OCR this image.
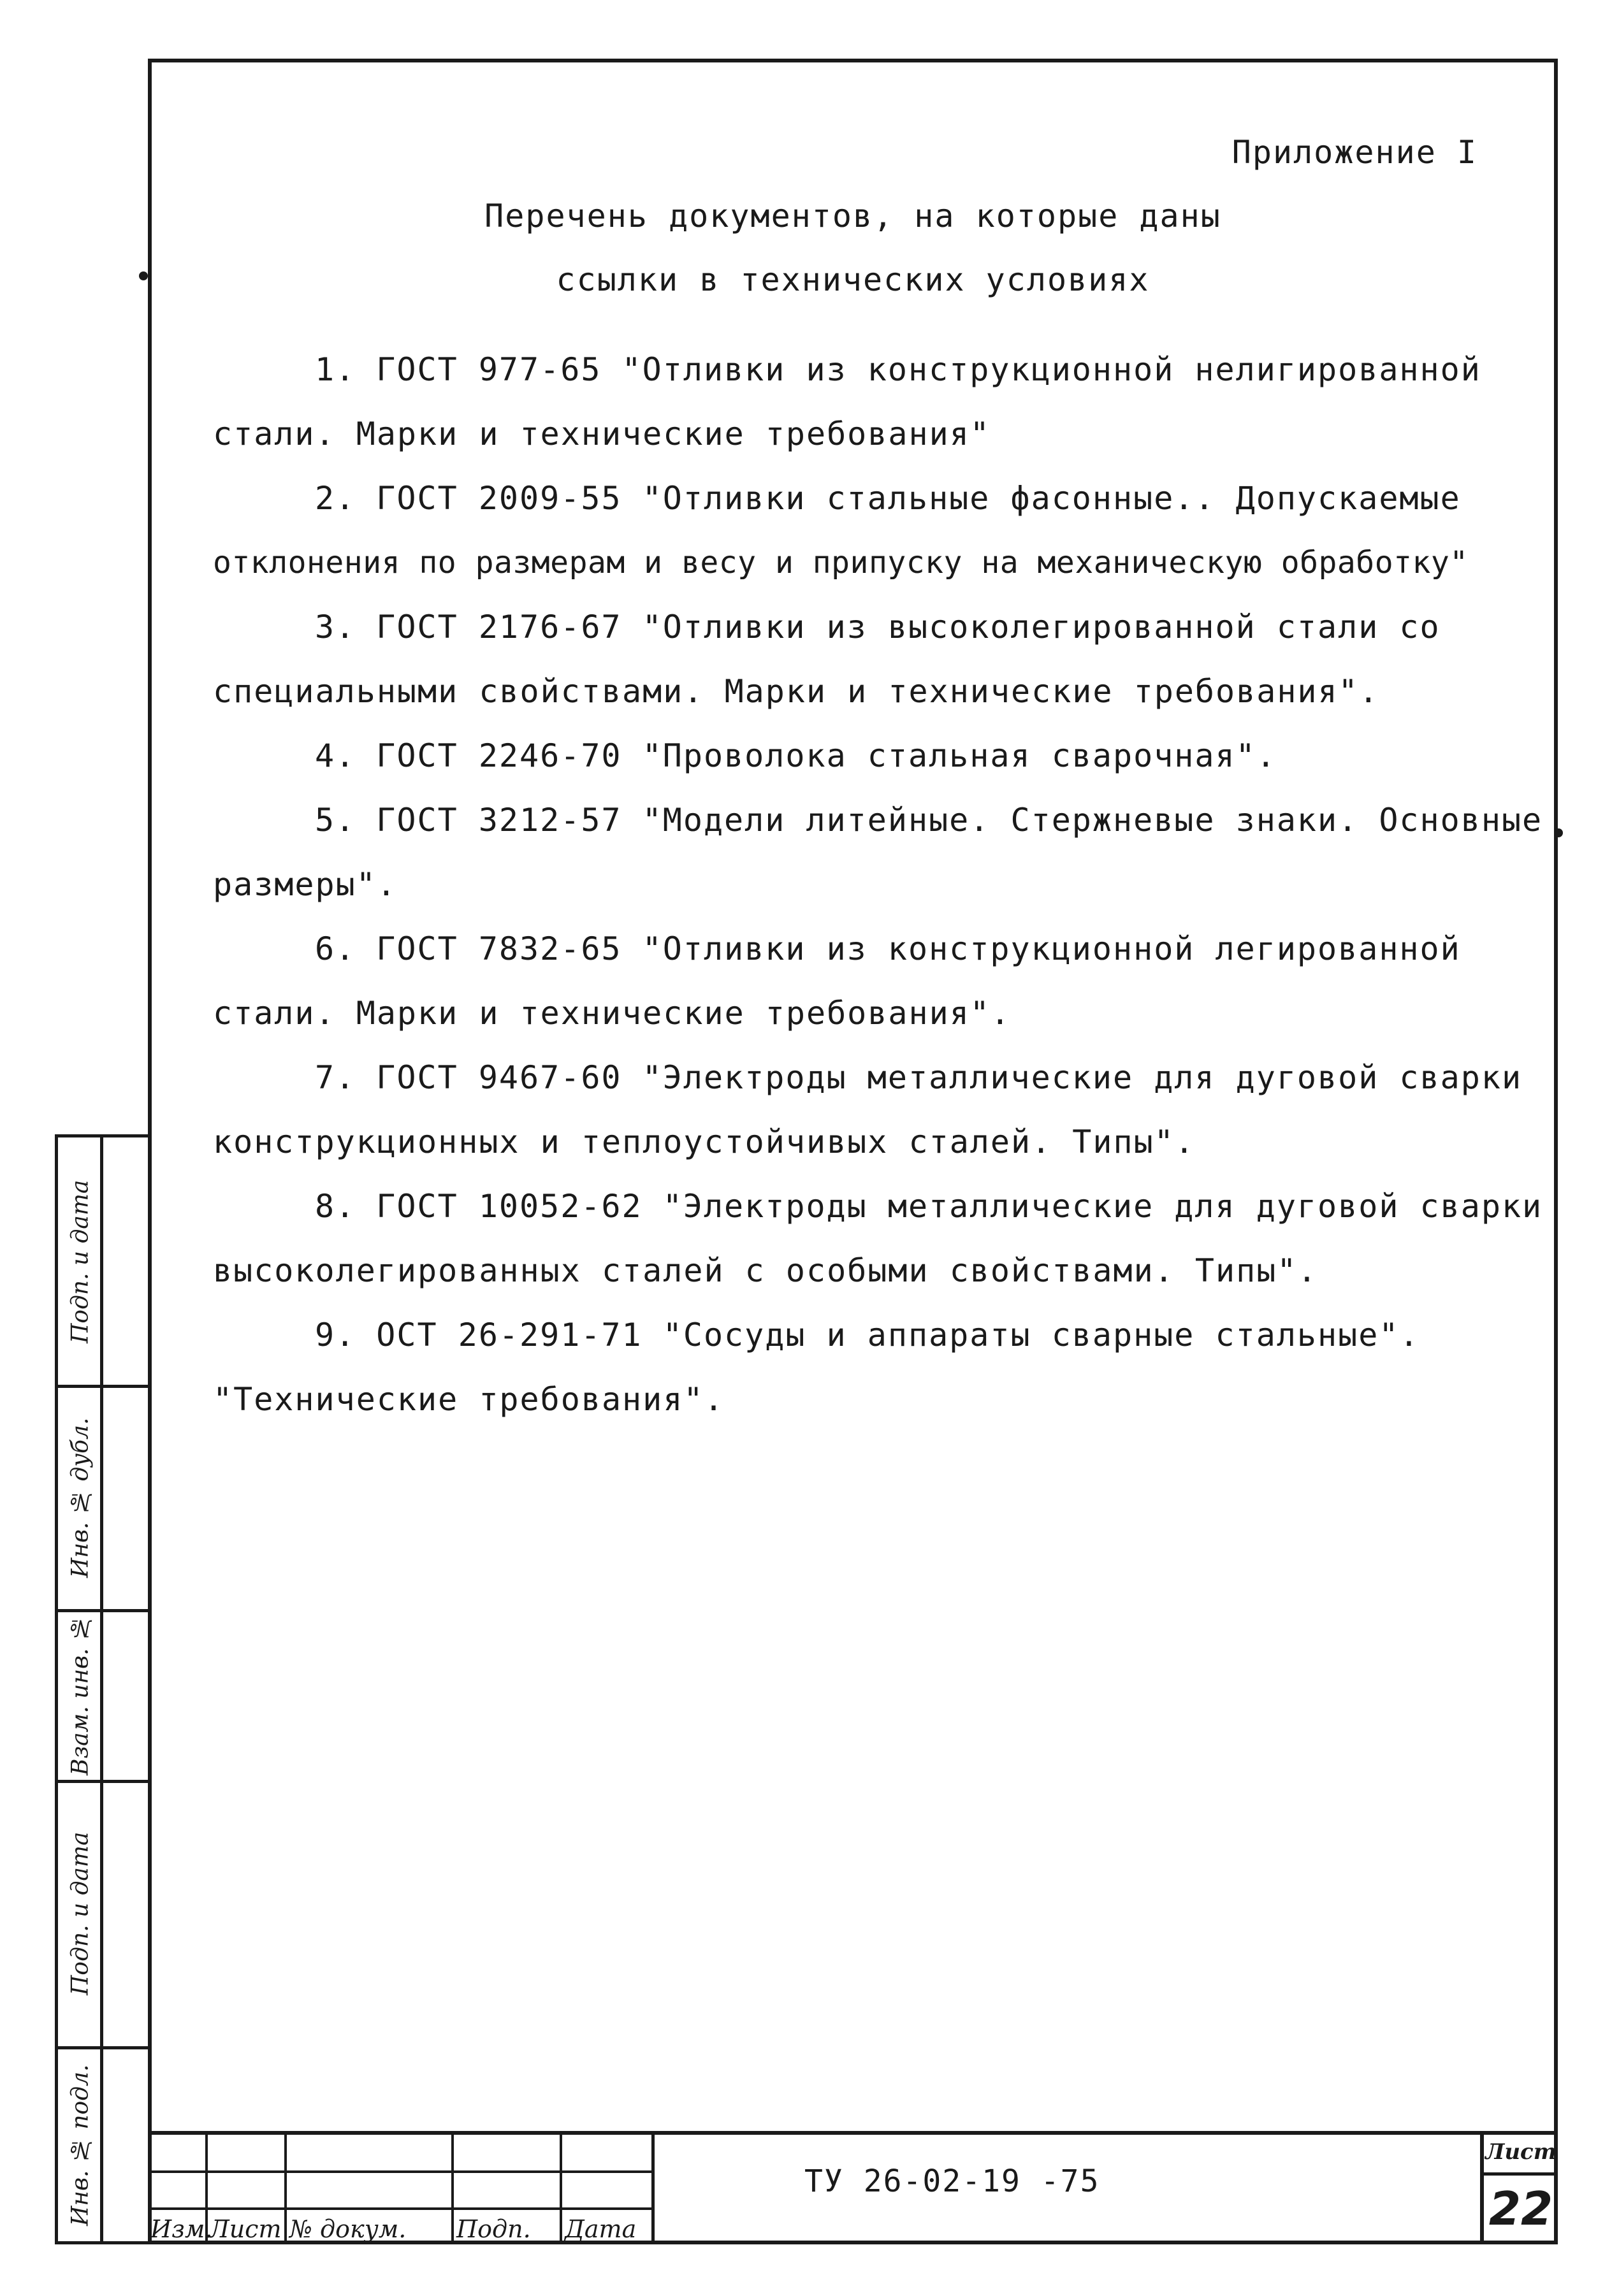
Приложение I
Перечень документов, на которые даны
ссылки в технических условиях
1. ГОСТ 977-65 "Отливки из конструкционной нелигированной
стали. Марки и технические требования"
2. ГОСТ 2009-55 "Отливки стальные фасонные.. Допускаемые
отклонения по размерам и весу и припуску на механическую обработку"
3. ГОСТ 2176-67 "Отливки из высоколегированной стали со
специальными свойствами. Марки и технические требования".
4. ГОСТ 2246-70 "Проволока стальная сварочная".
5. ГОСТ 3212-57 "Модели литейные. Стержневые знаки. Основные
размеры".
6. ГОСТ 7832-65 "Отливки из конструкционной легированной
стали. Марки и технические требования".
7. ГОСТ 9467-60 "Электроды металлические для дуговой сварки
конструкционных и теплоустойчивых сталей. Типы".
8. ГОСТ 10052-62 "Электроды металлические для дуговой сварки
высоколегированных сталей с особыми свойствами. Типы".
9. ОСТ 26-291-71 "Сосуды и аппараты сварные стальные".
"Технические требования".
Подп. и дата
Инв. № дубл.
Взам. инв. №
Подп. и дата
Инв. № подл.
Изм.
Лист № докум.	Подп.	Дата
ТУ 26-02-19 -75
Лист
22
